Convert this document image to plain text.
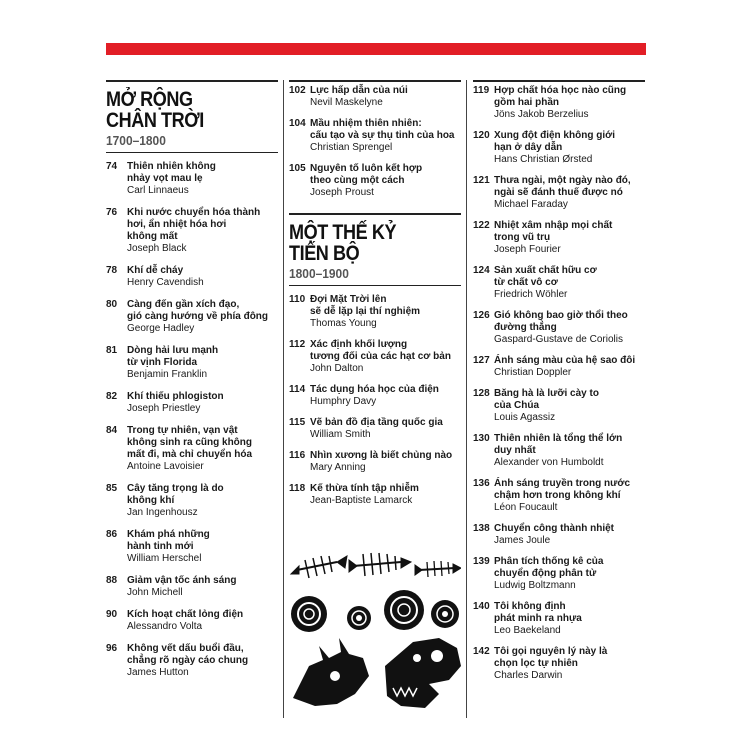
MỞ RỘNG
CHÂN TRỜI
1700–1800
74 Thiên nhiên không
nhảy vọt mau lẹ
Carl Linnaeus
76 Khi nước chuyển hóa thành
hơi, ẩn nhiệt hóa hơi
không mất
Joseph Black
78 Khí dễ cháy
Henry Cavendish
80 Càng đến gần xích đạo,
gió càng hướng về phía đông
George Hadley
81 Dòng hải lưu mạnh
từ vịnh Florida
Benjamin Franklin
82 Khí thiếu phlogiston
Joseph Priestley
84 Trong tự nhiên, vạn vật
không sinh ra cũng không
mất đi, mà chỉ chuyển hóa
Antoine Lavoisier
85 Cây tăng trọng là do
không khí
Jan Ingenhousz
86 Khám phá những
hành tinh mới
William Herschel
88 Giảm vận tốc ánh sáng
John Michell
90 Kích hoạt chất lỏng điện
Alessandro Volta
96 Không vết dấu buổi đầu,
chẳng rõ ngày cáo chung
James Hutton
102 Lực hấp dẫn của núi
Nevil Maskelyne
104 Mầu nhiệm thiên nhiên:
cấu tạo và sự thụ tinh của hoa
Christian Sprengel
105 Nguyên tố luôn kết hợp
theo cùng một cách
Joseph Proust
MỘT THẾ KỶ
TIẾN BỘ
1800–1900
110 Đợi Mặt Trời lên
sẽ dễ lặp lại thí nghiệm
Thomas Young
112 Xác định khối lượng
tương đối của các hạt cơ bản
John Dalton
114 Tác dụng hóa học của điện
Humphry Davy
115 Vẽ bản đồ địa tầng quốc gia
William Smith
116 Nhìn xương là biết chủng nào
Mary Anning
118 Kế thừa tính tập nhiễm
Jean-Baptiste Lamarck
119 Hợp chất hóa học nào cũng
gồm hai phần
Jöns Jakob Berzelius
120 Xung đột điện không giới
hạn ở dây dẫn
Hans Christian Ørsted
121 Thưa ngài, một ngày nào đó,
ngài sẽ đánh thuế được nó
Michael Faraday
122 Nhiệt xâm nhập mọi chất
trong vũ trụ
Joseph Fourier
124 Sản xuất chất hữu cơ
từ chất vô cơ
Friedrich Wöhler
126 Gió không bao giờ thổi theo
đường thẳng
Gaspard-Gustave de Coriolis
127 Ánh sáng màu của hệ sao đôi
Christian Doppler
128 Băng hà là lưỡi cày to
của Chúa
Louis Agassiz
130 Thiên nhiên là tổng thể lớn
duy nhất
Alexander von Humboldt
136 Ánh sáng truyền trong nước
chậm hơn trong không khí
Léon Foucault
138 Chuyển công thành nhiệt
James Joule
139 Phân tích thống kê của
chuyển động phân tử
Ludwig Boltzmann
140 Tôi không định
phát minh ra nhựa
Leo Baekeland
142 Tôi gọi nguyên lý này là
chọn lọc tự nhiên
Charles Darwin
